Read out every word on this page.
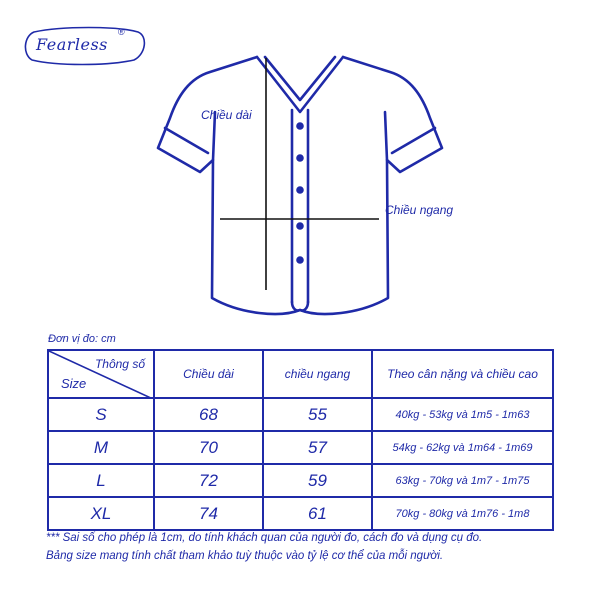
Fearless
®
Chiều dài
Chiều ngang
Đơn vị đo: cm
Thông số
Size	Chiều dài	chiều ngang	Theo cân nặng và chiều cao
S	68	55	40kg - 53kg và 1m5 - 1m63
M	70	57	54kg - 62kg và 1m64 - 1m69
L	72	59	63kg - 70kg và 1m7 - 1m75
XL	74	61	70kg - 80kg và 1m76 - 1m8
*** Sai số cho phép là 1cm, do tính khách quan của người đo, cách đo và dụng cụ đo.
Bảng size mang tính chất tham khảo tuỳ thuộc vào tỷ lệ cơ thể của mỗi người.
